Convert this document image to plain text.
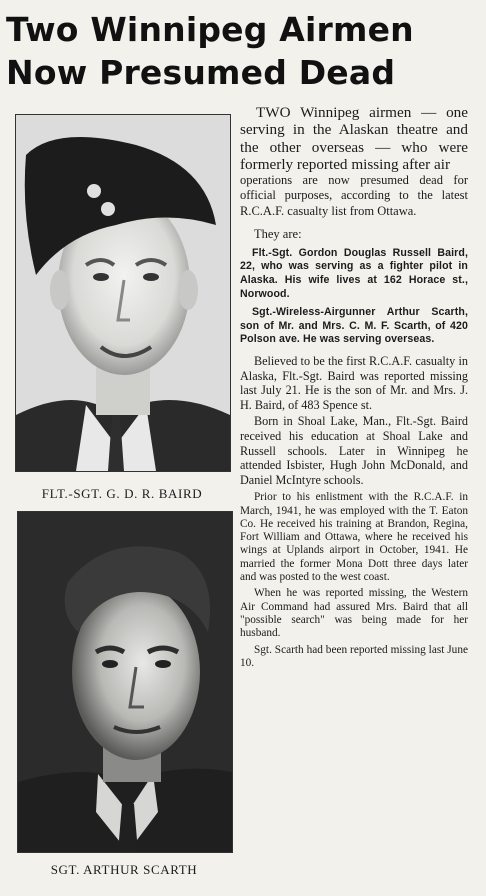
Two Winnipeg Airmen
Now Presumed Dead
FLT.-SGT. G. D. R. BAIRD
SGT. ARTHUR SCARTH

TWO Winnipeg airmen — one serving in the Alaskan theatre and the other overseas — who were formerly reported missing after air

operations are now presumed dead for official purposes, according to the latest R.C.A.F. casualty list from Ottawa.

They are:

Flt.-Sgt. Gordon Douglas Russell Baird, 22, who was serving as a fighter pilot in Alaska. His wife lives at 162 Horace st., Norwood.

Sgt.-Wireless-Airgunner Arthur Scarth, son of Mr. and Mrs. C. M. F. Scarth, of 420 Polson ave. He was serving overseas.

Believed to be the first R.C.A.F. casualty in Alaska, Flt.-Sgt. Baird was reported missing last July 21. He is the son of Mr. and Mrs. J. H. Baird, of 483 Spence st.

Born in Shoal Lake, Man., Flt.-Sgt. Baird received his education at Shoal Lake and Russell schools. Later in Winnipeg he attended Isbister, Hugh John McDonald, and Daniel McIntyre schools.

Prior to his enlistment with the R.C.A.F. in March, 1941, he was employed with the T. Eaton Co. He received his training at Brandon, Regina, Fort William and Ottawa, where he received his wings at Uplands airport in October, 1941. He married the former Mona Dott three days later and was posted to the west coast.

When he was reported missing, the Western Air Command had assured Mrs. Baird that all "possible search" was being made for her husband.

Sgt. Scarth had been reported missing last June 10.
